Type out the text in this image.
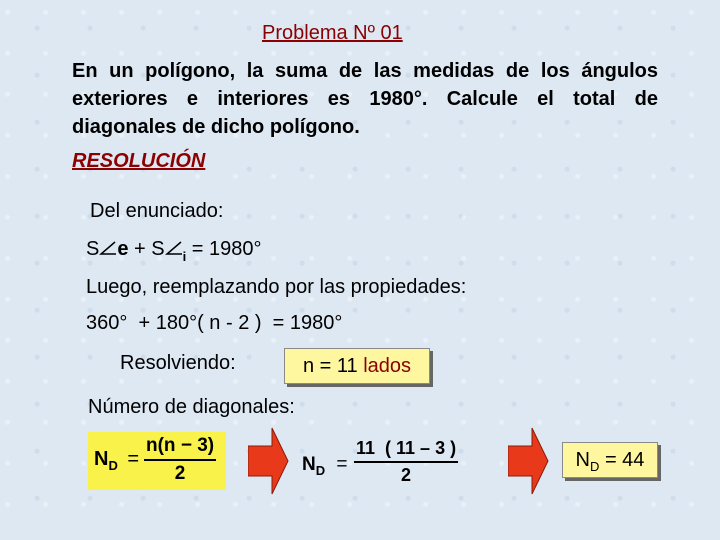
Problema Nº 01
En un polígono, la suma de las medidas de los ángulos exteriores e interiores es 1980°. Calcule el total de diagonales de dicho polígono.
RESOLUCIÓN
Del enunciado:
S e + S $_i$ = 1980°
Luego, reemplazando por las propiedades:
360°  + 180°( n - 2 )  = 1980°
Resolviendo:	n = 11 lados
Número de diagonales:
$N_D$ =
n(n − 3)
2	$N_D$ =
11  ( 11 – 3 )
2
$N_D = 44$
